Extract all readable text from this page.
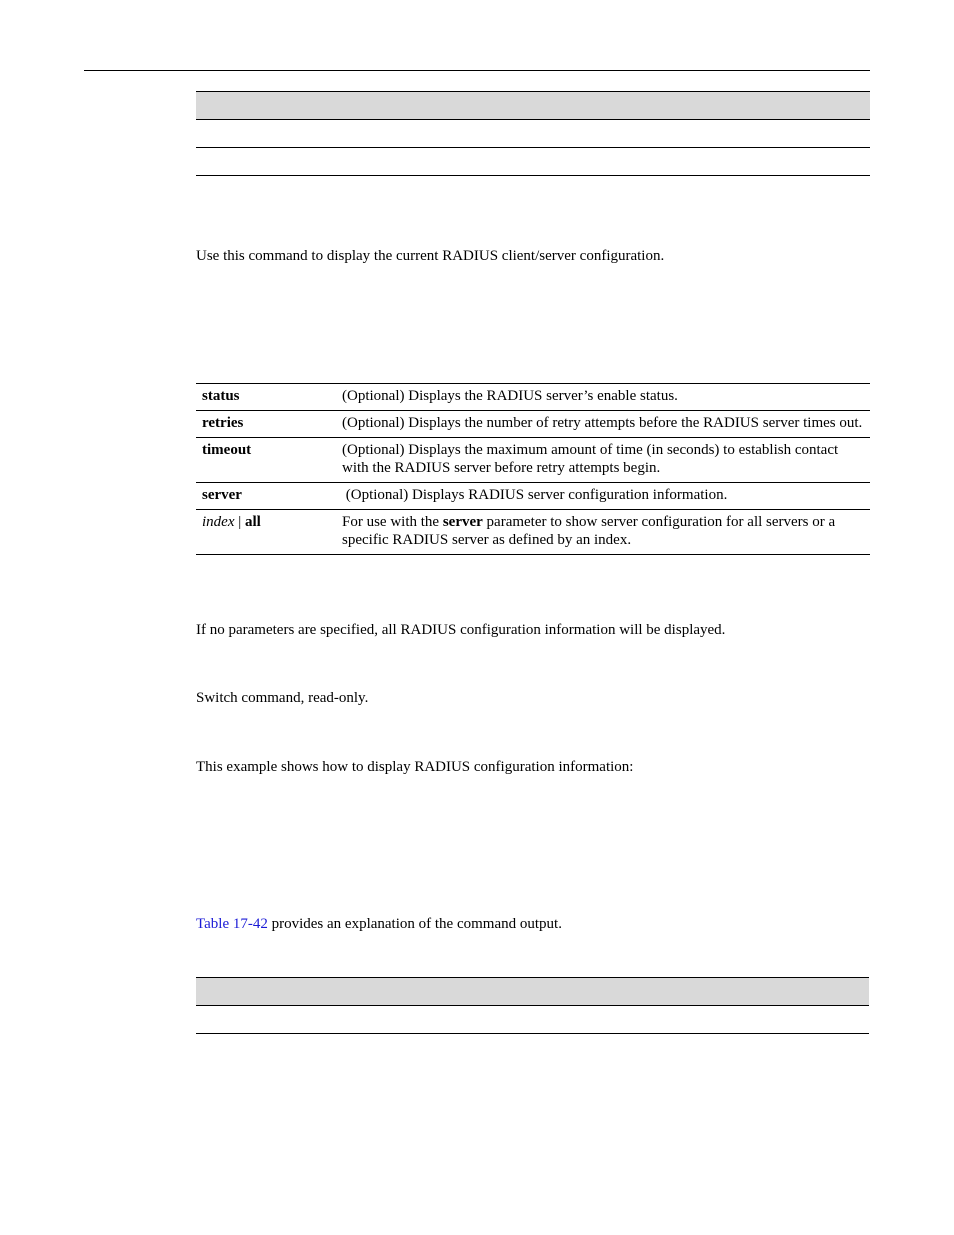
Use this command to display the current RADIUS client/server configuration.
status	(Optional) Displays the RADIUS server’s enable status.
retries	(Optional) Displays the number of retry attempts before the RADIUS server times out.
timeout	(Optional) Displays the maximum amount of time (in seconds) to establish contact with the RADIUS server before retry attempts begin.
server	(Optional) Displays RADIUS server configuration information.
index | all	For use with the server parameter to show server configuration for all servers or a specific RADIUS server as defined by an index.
If no parameters are specified, all RADIUS configuration information will be displayed.
Switch command, read-only.
This example shows how to display RADIUS configuration information:
Table 17-42 provides an explanation of the command output.
